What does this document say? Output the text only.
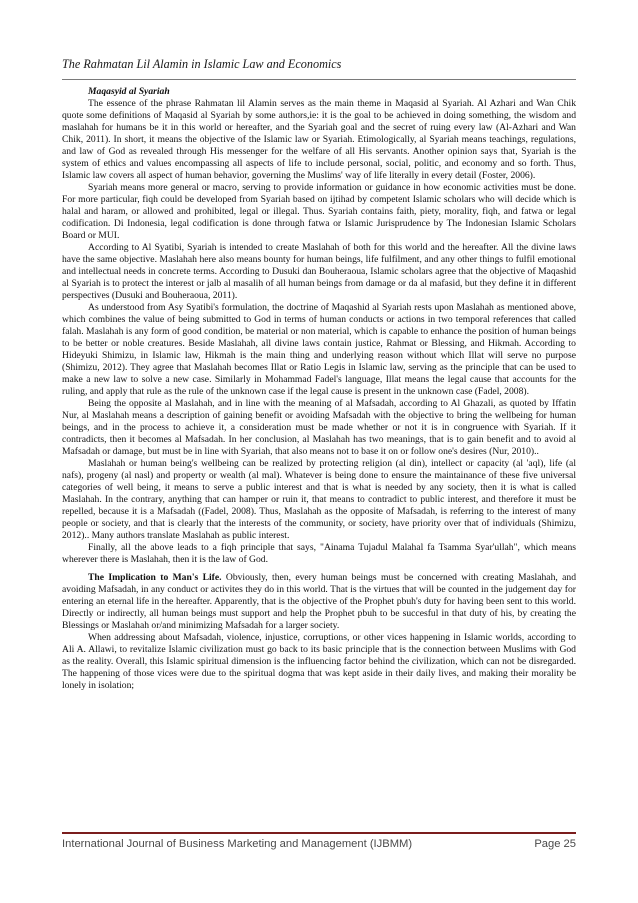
The Rahmatan Lil Alamin in Islamic Law and Economics
Maqasyid al Syariah

The essence of the phrase Rahmatan lil Alamin serves as the main theme in Maqasid al Syariah. Al Azhari and Wan Chik quote some definitions of Maqasid al Syariah by some authors,ie: it is the goal to be achieved in doing something, the wisdom and maslahah for humans be it in this world or hereafter, and the Syariah goal and the secret of ruing every law (Al-Azhari and Wan Chik, 2011). In short, it means the objective of the Islamic law or Syariah. Etimologically, al Syariah means teachings, regulations, and law of God as revealed through His messenger for the welfare of all His servants. Another opinion says that, Syariah is the system of ethics and values encompassing all aspects of life to include personal, social, politic, and economy and so forth. Thus, Islamic law covers all aspect of human behavior, governing the Muslims' way of life literally in every detail (Foster, 2006).

Syariah means more general or macro, serving to provide information or guidance in how economic activities must be done. For more particular, fiqh could be developed from Syariah based on ijtihad by competent Islamic scholars who will decide which is halal and haram, or allowed and prohibited, legal or illegal. Thus. Syariah contains faith, piety, morality, fiqh, and fatwa or legal codification. Di Indonesia, legal codification is done through fatwa or Islamic Jurisprudence by The Indonesian Islamic Scholars Board or MUI.

According to Al Syatibi, Syariah is intended to create Maslahah of both for this world and the hereafter. All the divine laws have the same objective. Maslahah here also means bounty for human beings, life fulfilment, and any other things to fulfil emotional and intellectual needs in concrete terms. According to Dusuki dan Bouheraoua, Islamic scholars agree that the objective of Maqashid al Syariah is to protect the interest or jalb al masalih of all human beings from damage or da al mafasid, but they define it in different perspectives (Dusuki and Bouheraoua, 2011).

As understood from Asy Syatibi's formulation, the doctrine of Maqashid al Syariah rests upon Maslahah as mentioned above, which combines the value of being submitted to God in terms of human conducts or actions in two temporal references that called falah. Maslahah is any form of good condition, be material or non material, which is capable to enhance the position of human beings to be better or noble creatures. Beside Maslahah, all divine laws contain justice, Rahmat or Blessing, and Hikmah. According to Hideyuki Shimizu, in Islamic law, Hikmah is the main thing and underlying reason without which Illat will serve no purpose (Shimizu, 2012). They agree that Maslahah becomes Illat or Ratio Legis in Islamic law, serving as the principle that can be used to make a new law to solve a new case. Similarly in Mohammad Fadel's language, Illat means the legal cause that accounts for the ruling, and apply that rule as the rule of the unknown case if the legal cause is present in the unknown case (Fadel, 2008).

Being the opposite al Maslahah, and in line with the meaning of al Mafsadah, according to Al Ghazali, as quoted by Iffatin Nur, al Maslahah means a description of gaining benefit or avoiding Mafsadah with the objective to bring the wellbeing for human beings, and in the process to achieve it, a consideration must be made whether or not it is in congruence with Syariah. If it contradicts, then it becomes al Mafsadah. In her conclusion, al Maslahah has two meanings, that is to gain benefit and to avoid al Mafsadah or damage, but must be in line with Syariah, that also means not to base it on or follow one's desires (Nur, 2010)..

Maslahah or human being's wellbeing can be realized by protecting religion (al din), intellect or capacity (al 'aql), life (al nafs), progeny (al nasl) and property or wealth (al mal). Whatever is being done to ensure the maintainance of these five universal categories of well being, it means to serve a public interest and that is what is needed by any society, then it is what is called Maslahah. In the contrary, anything that can hamper or ruin it, that means to contradict to public interest, and therefore it must be repelled, because it is a Mafsadah ((Fadel, 2008). Thus, Maslahah as the opposite of Mafsadah, is referring to the interest of many people or society, and that is clearly that the interests of the community, or society, have priority over that of individuals (Shimizu, 2012).. Many authors translate Maslahah as public interest.

Finally, all the above leads to a fiqh principle that says, "Ainama Tujadul Malahal fa Tsamma Syar'ullah", which means wherever there is Maslahah, then it is the law of God.

The Implication to Man's Life. Obviously, then, every human beings must be concerned with creating Maslahah, and avoiding Mafsadah, in any conduct or activites they do in this world. That is the virtues that will be counted in the judgement day for entering an eternal life in the hereafter. Apparently, that is the objective of the Prophet pbuh's duty for having been sent to this world. Directly or indirectly, all human beings must support and help the Prophet pbuh to be succesful in that duty of his, by creating the Blessings or Maslahah or/and minimizing Mafsadah for a larger society.

When addressing about Mafsadah, violence, injustice, corruptions, or other vices happening in Islamic worlds, according to Ali A. Allawi, to revitalize Islamic civilization must go back to its basic principle that is the connection between Muslims with God as the reality. Overall, this Islamic spiritual dimension is the influencing factor behind the civilization, which can not be disregarded. The happening of those vices were due to the spiritual dogma that was kept aside in their daily lives, and making their morality be lonely in isolation;

International Journal of Business Marketing and Management (IJBMM)	Page 25
